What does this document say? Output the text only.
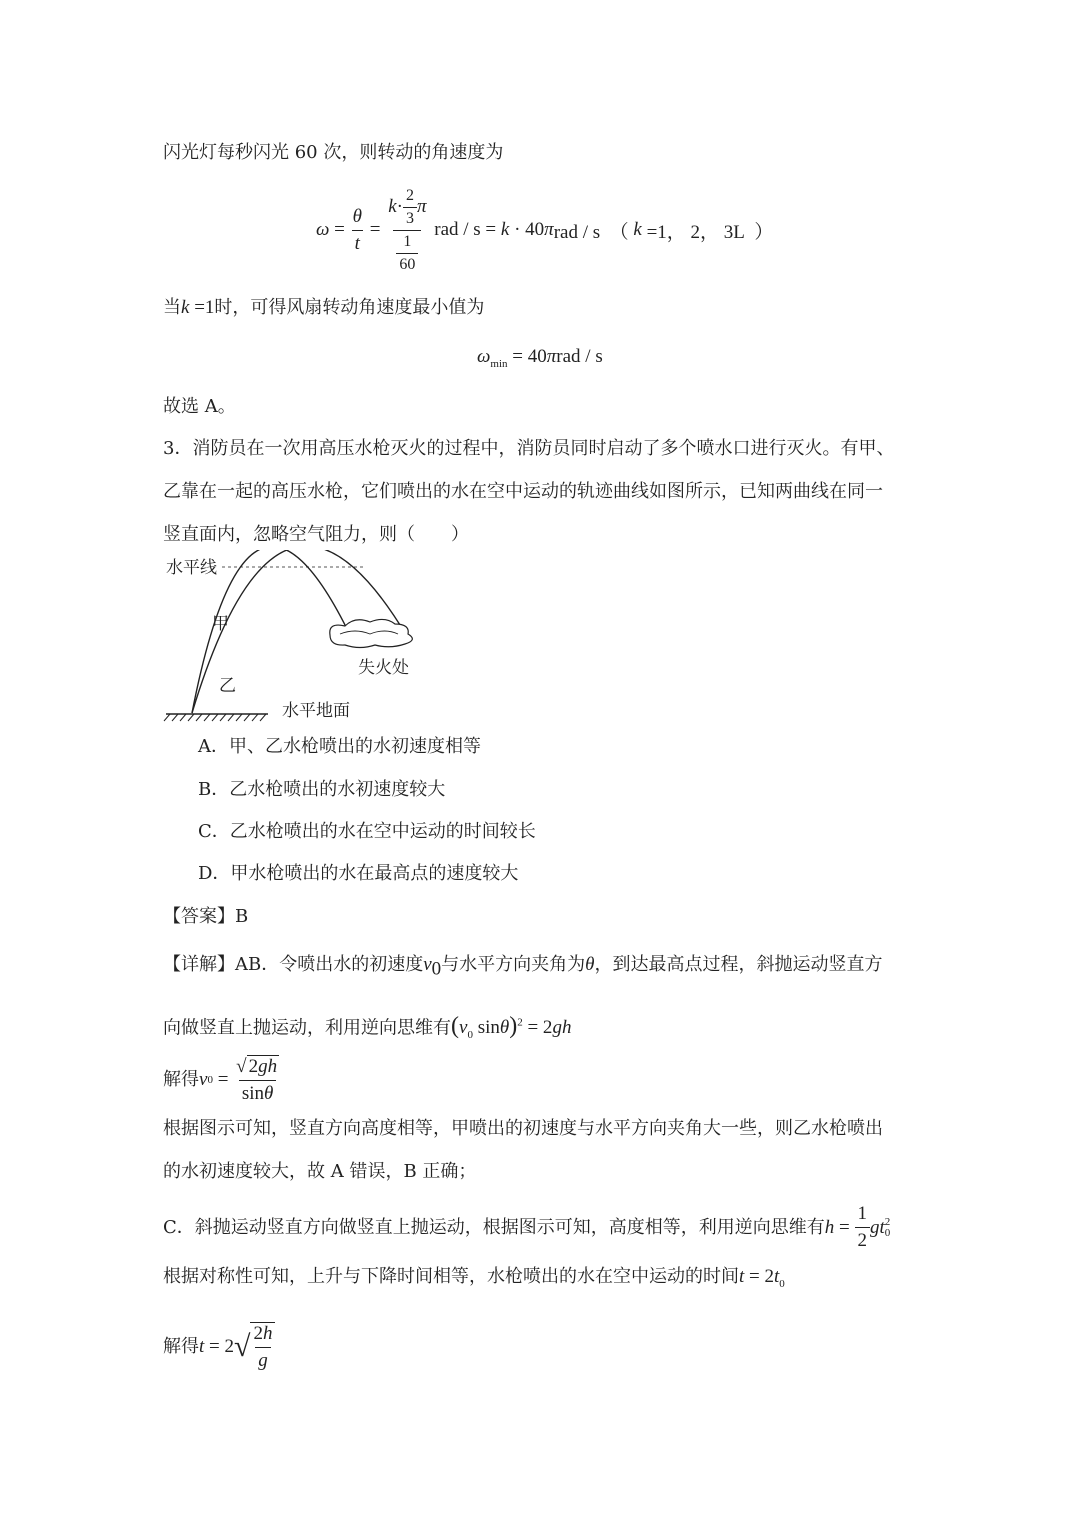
闪光灯每秒闪光 60 次，则转动的角速度为
$\omega = \frac{\theta}{t} = \frac{k\cdot \frac{2}{3} \pi}{\frac{1}{60}}$ rad / s = k · 40 π rad / s  （ k =1， 2， 3L  ）
当k =1时，可得风扇转动角速度最小值为
$\omega_{min} = 40\pi rad / s$
故选 A。
3．消防员在一次用高压水枪灭火的过程中，消防员同时启动了多个喷水口进行灭火。有甲、
乙靠在一起的高压水枪，它们喷出的水在空中运动的轨迹曲线如图所示，已知两曲线在同一
竖直面内，忽略空气阻力，则（　　）
水平线
甲
乙
失火处
水平地面
A．甲、乙水枪喷出的水初速度相等
B．乙水枪喷出的水初速度较大
C．乙水枪喷出的水在空中运动的时间较长
D．甲水枪喷出的水在最高点的速度较大
【答案】B
【详解】AB．令喷出水的初速度$v_0$与水平方向夹角为θ，到达最高点过程，斜抛运动竖直方
向做竖直上抛运动，利用逆向思维有($v_0$ sinθ)$^2$ = 2gh
解得 v $0 = \frac{√ 2gh}{\sin\theta}$
根据图示可知，竖直方向高度相等，甲喷出的初速度与水平方向夹角大一些，则乙水枪喷出
的水初速度较大，故 A 错误，B 正确；
C．斜抛运动竖直方向做竖直上抛运动，根据图示可知，高度相等，利用逆向思维有 $h = \frac{1}{2}$ gt 2
0
根据对称性可知，上升与下降时间相等，水枪喷出的水在空中运动的时间$t = 2t_0$
解得 t = 2 √ $\frac{2h}{g}$
